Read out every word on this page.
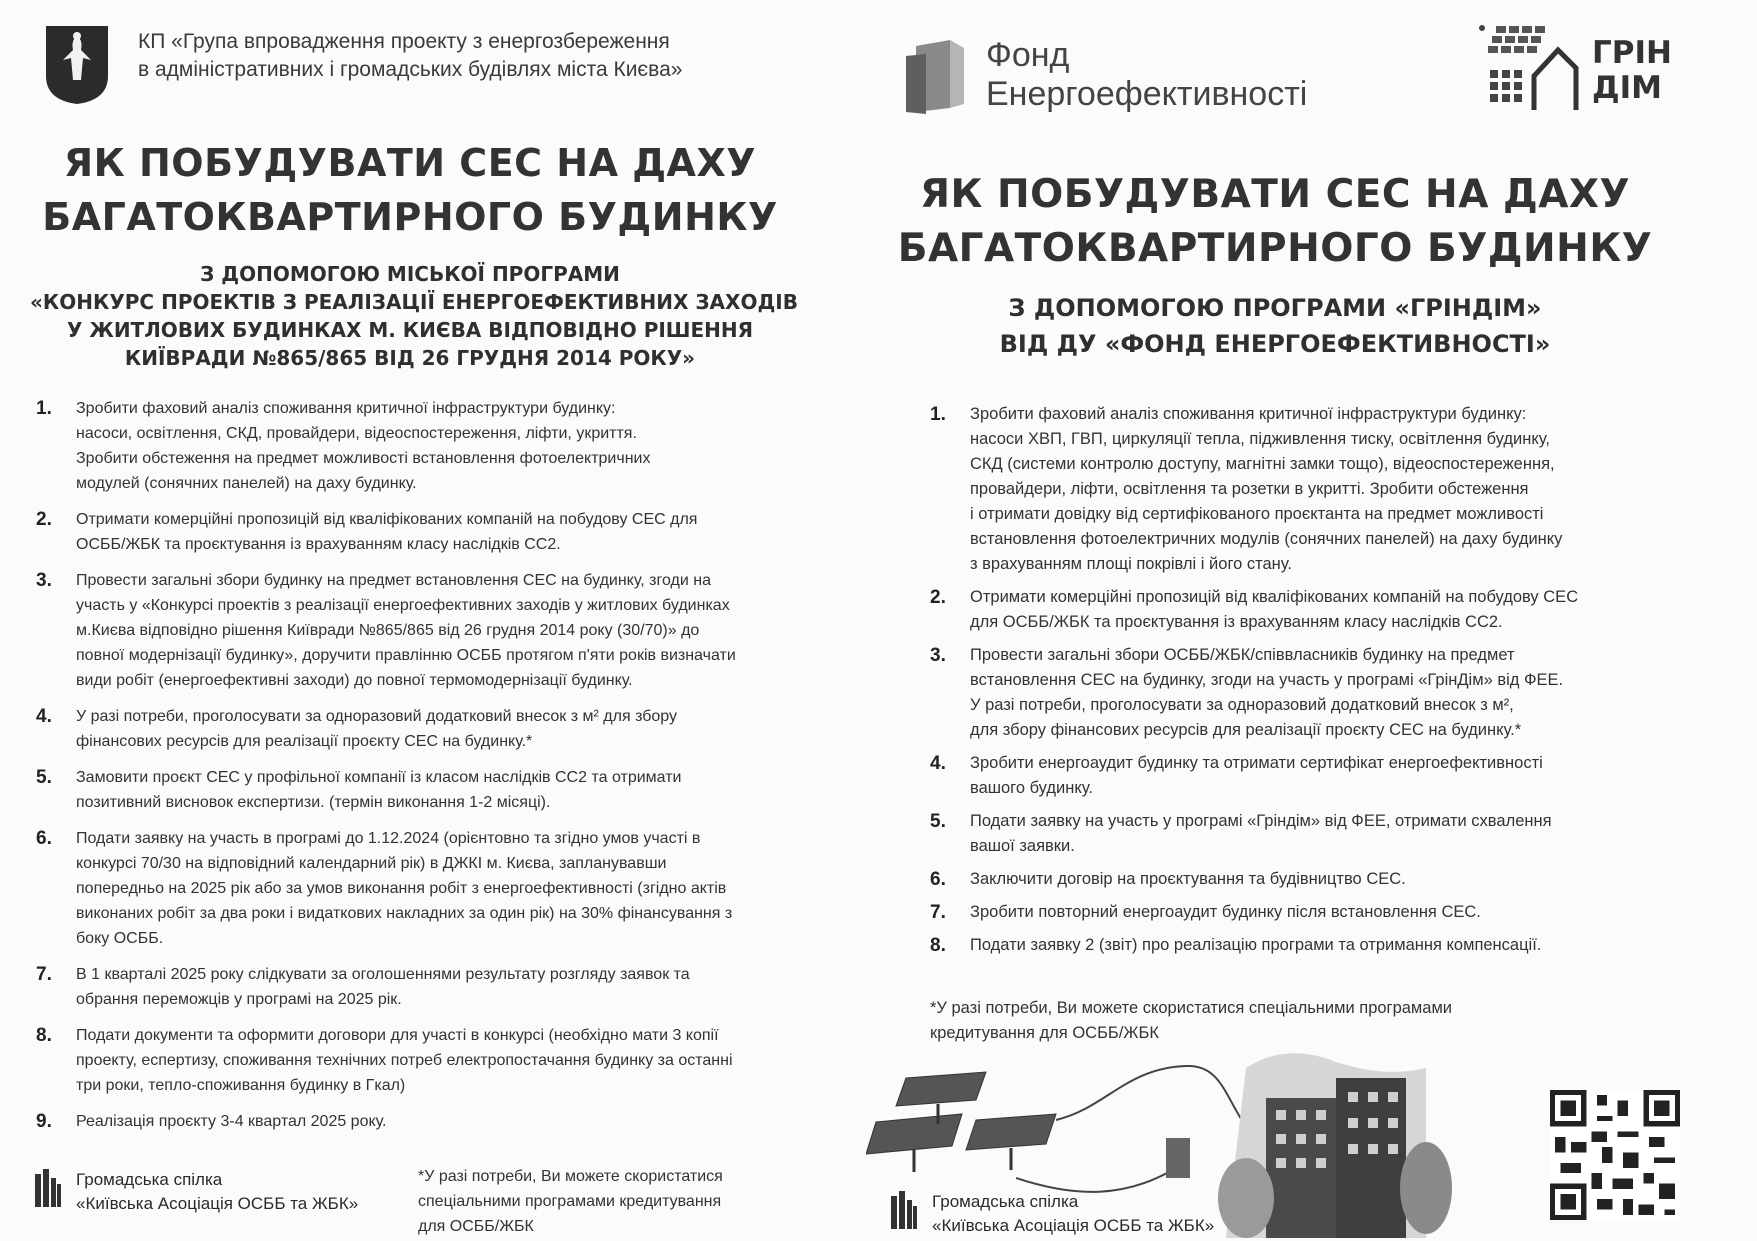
КП «Група впровадження проекту з енергозбереження
в адміністративних і громадських будівлях міста Києва»
ЯК ПОБУДУВАТИ СЕС НА ДАХУ
БАГАТОКВАРТИРНОГО БУДИНКУ
З ДОПОМОГОЮ МІСЬКОЇ ПРОГРАМИ
«КОНКУРС ПРОЕКТІВ З РЕАЛІЗАЦІЇ ЕНЕРГОЕФЕКТИВНИХ ЗАХОДІВ
У ЖИТЛОВИХ БУДИНКАХ М. КИЄВА ВІДПОВІДНО РІШЕННЯ
КИЇВРАДИ №865/865 ВІД 26 ГРУДНЯ 2014 РОКУ»
1. Зробити фаховий аналіз споживання критичної інфраструктури будинку:
насоси, освітлення, СКД, провайдери, відеоспостереження, ліфти, укриття.
Зробити обстеження на предмет можливості встановлення фотоелектричних
модулей (сонячних панелей) на даху будинку.
2. Отримати комерційні пропозицій від кваліфікованих компаній на побудову СЕС для
ОСББ/ЖБК та проєктування із врахуванням класу наслідків СС2.
3. Провести загальні збори будинку на предмет встановлення СЕС на будинку, згоди на
участь у «Конкурсі проектів з реалізації енергоефективних заходів у житлових будинках
м.Києва відповідно рішення Київради №865/865 від 26 грудня 2014 року (30/70)» до
повної модернізації будинку», доручити правлінню ОСББ протягом п'яти років визначати
види робіт (енергоефективні заходи) до повної термомодернізації будинку.
4. У разі потреби, проголосувати за одноразовий додатковий внесок з м² для збору
фінансових ресурсів для реалізації проєкту СЕС на будинку.*
5. Замовити проєкт СЕС у профільної компанії із класом наслідків СС2 та отримати
позитивний висновок експертизи. (термін виконання 1-2 місяці).
6. Подати заявку на участь в програмі до 1.12.2024 (орієнтовно та згідно умов участі в
конкурсі 70/30 на відповідний календарний рік) в ДЖКІ м. Києва, запланувавши
попередньо на 2025 рік або за умов виконання робіт з енергоефективності (згідно актів
виконаних робіт за два роки і видаткових накладних за один рік) на 30% фінансування з
боку ОСББ.
7. В 1 кварталі 2025 року слідкувати за оголошеннями результату розгляду заявок та
обрання переможців у програмі на 2025 рік.
8. Подати документи та оформити договори для участі в конкурсі (необхідно мати 3 копії
проекту, еспертизу, споживання технічних потреб електропостачання будинку за останні
три роки, тепло-споживання будинку в Гкал)
9. Реалізація проєкту 3-4 квартал 2025 року.
Громадська спілка
«Київська Асоціація ОСББ та ЖБК»
*У разі потреби, Ви можете скористатися
спеціальними програмами кредитування
для ОСББ/ЖБК
Фонд
Енергоефективності
ГРІН
ДІМ
ЯК ПОБУДУВАТИ СЕС НА ДАХУ
БАГАТОКВАРТИРНОГО БУДИНКУ
З ДОПОМОГОЮ ПРОГРАМИ «ГРІНДІМ»
ВІД ДУ «ФОНД ЕНЕРГОЕФЕКТИВНОСТІ»
1. Зробити фаховий аналіз споживання критичної інфраструктури будинку:
насоси ХВП, ГВП, циркуляції тепла, підживлення тиску, освітлення будинку,
СКД (системи контролю доступу, магнітні замки тощо), відеоспостереження,
провайдери, ліфти, освітлення та розетки в укритті. Зробити обстеження
і отримати довідку від сертифікованого проєктанта на предмет можливості
встановлення фотоелектричних модулів (сонячних панелей) на даху будинку
з врахуванням площі покрівлі і його стану.
2. Отримати комерційні пропозицій від кваліфікованих компаній на побудову СЕС
для ОСББ/ЖБК та проєктування із врахуванням класу наслідків СС2.
3. Провести загальні збори ОСББ/ЖБК/співвласників будинку на предмет
встановлення СЕС на будинку, згоди на участь у програмі «ГрінДім» від ФЕЕ.
У разі потреби, проголосувати за одноразовий додатковий внесок з м²,
для збору фінансових ресурсів для реалізації проєкту СЕС на будинку.*
4. Зробити енергоаудит будинку та отримати сертифікат енергоефективності
вашого будинку.
5. Подати заявку на участь у програмі «Гріндім» від ФЕЕ, отримати схвалення
вашої заявки.
6. Заключити договір на проєктування та будівництво СЕС.
7. Зробити повторний енергоаудит будинку після встановлення СЕС.
8. Подати заявку 2 (звіт) про реалізацію програми та отримання компенсації.
*У разі потреби, Ви можете скористатися спеціальними програмами
кредитування для ОСББ/ЖБК
Громадська спілка
«Київська Асоціація ОСББ та ЖБК»
